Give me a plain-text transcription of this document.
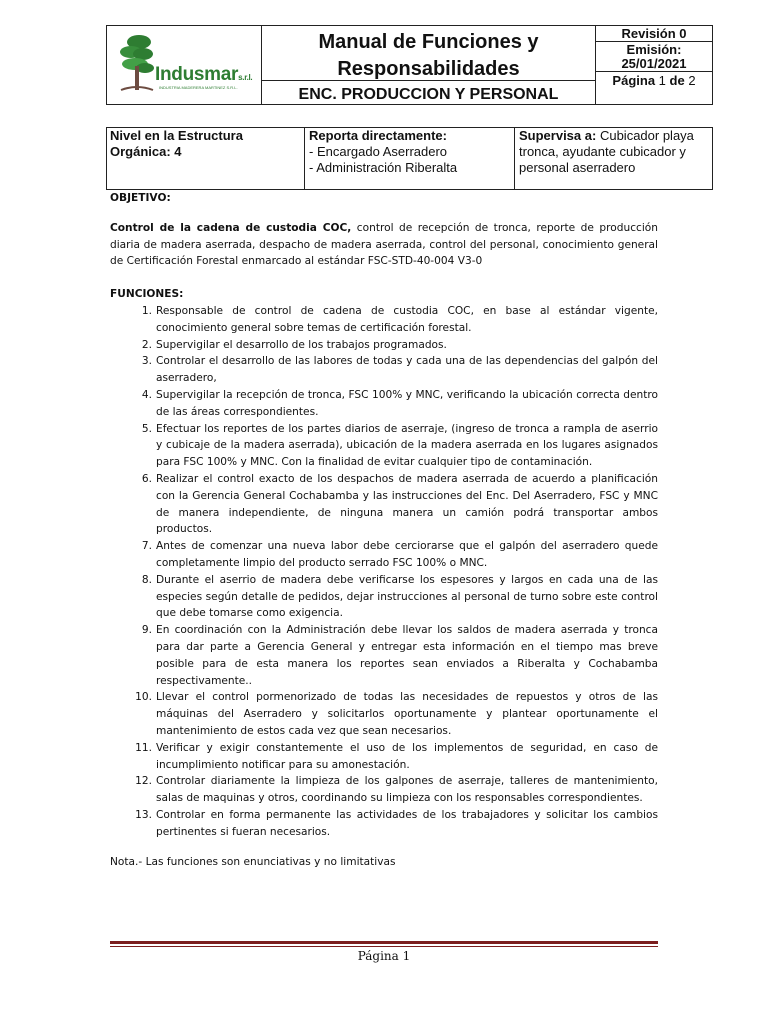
Indusmars.r.l.
INDUSTRIA MADERERA MARTINEZ S.R.L.
Manual de Funciones y
Responsabilidades
ENC. PRODUCCION Y PERSONAL
Revisión 0
Emisión:
25/01/2021
Página 1 de 2
Nivel en la Estructura
Orgánica: 4
Reporta directamente:
- Encargado Aserradero
- Administración Riberalta
Supervisa a: Cubicador playa tronca, ayudante cubicador y personal aserradero

OBJETIVO:

Control de la cadena de custodia COC, control de recepción de tronca, reporte de producción diaria de madera aserrada, despacho de madera aserrada, control del personal, conocimiento general de Certificación Forestal enmarcado al estándar FSC-STD-40-004 V3-0

FUNCIONES:

1. Responsable de control de cadena de custodia COC, en base al estándar vigente, conocimiento general sobre temas de certificación forestal.
2. Supervigilar el desarrollo de los trabajos programados.
3. Controlar el desarrollo de las labores de todas y cada una de las dependencias del galpón del aserradero,
4. Supervigilar la recepción de tronca, FSC 100% y MNC, verificando la ubicación correcta dentro de las áreas correspondientes.
5. Efectuar los reportes de los partes diarios de aserraje, (ingreso de tronca a rampla de aserrio y cubicaje de la madera aserrada), ubicación de la madera aserrada en los lugares asignados para FSC 100% y MNC. Con la finalidad de evitar cualquier tipo de contaminación.
6. Realizar el control exacto de los despachos de madera aserrada de acuerdo a planificación con la Gerencia General Cochabamba y las instrucciones del Enc. Del Aserradero, FSC y MNC de manera independiente, de ninguna manera un camión podrá transportar ambos productos.
7. Antes de comenzar una nueva labor debe cerciorarse que el galpón del aserradero quede completamente limpio del producto serrado FSC 100% o MNC.
8. Durante el aserrio de madera debe verificarse los espesores y largos en cada una de las especies según detalle de pedidos, dejar instrucciones al personal de turno sobre este control que debe tomarse como exigencia.
9. En coordinación con la Administración debe llevar los saldos de madera aserrada y tronca para dar parte a Gerencia General y entregar esta información en el tiempo mas breve posible para de esta manera los reportes sean enviados a Riberalta y Cochabamba respectivamente..
10. Llevar el control pormenorizado de todas las necesidades de repuestos y otros de las máquinas del Aserradero y solicitarlos oportunamente y plantear oportunamente el mantenimiento de estos cada vez que sean necesarios.
11. Verificar y exigir constantemente el uso de los implementos de seguridad, en caso de incumplimiento notificar para su amonestación.
12. Controlar diariamente la limpieza de los galpones de aserraje, talleres de mantenimiento, salas de maquinas y otros, coordinando su limpieza con los responsables correspondientes.
13. Controlar en forma permanente las actividades de los trabajadores y solicitar los cambios pertinentes si fueran necesarios.
Nota.- Las funciones son enunciativas y no limitativas
Página 1
